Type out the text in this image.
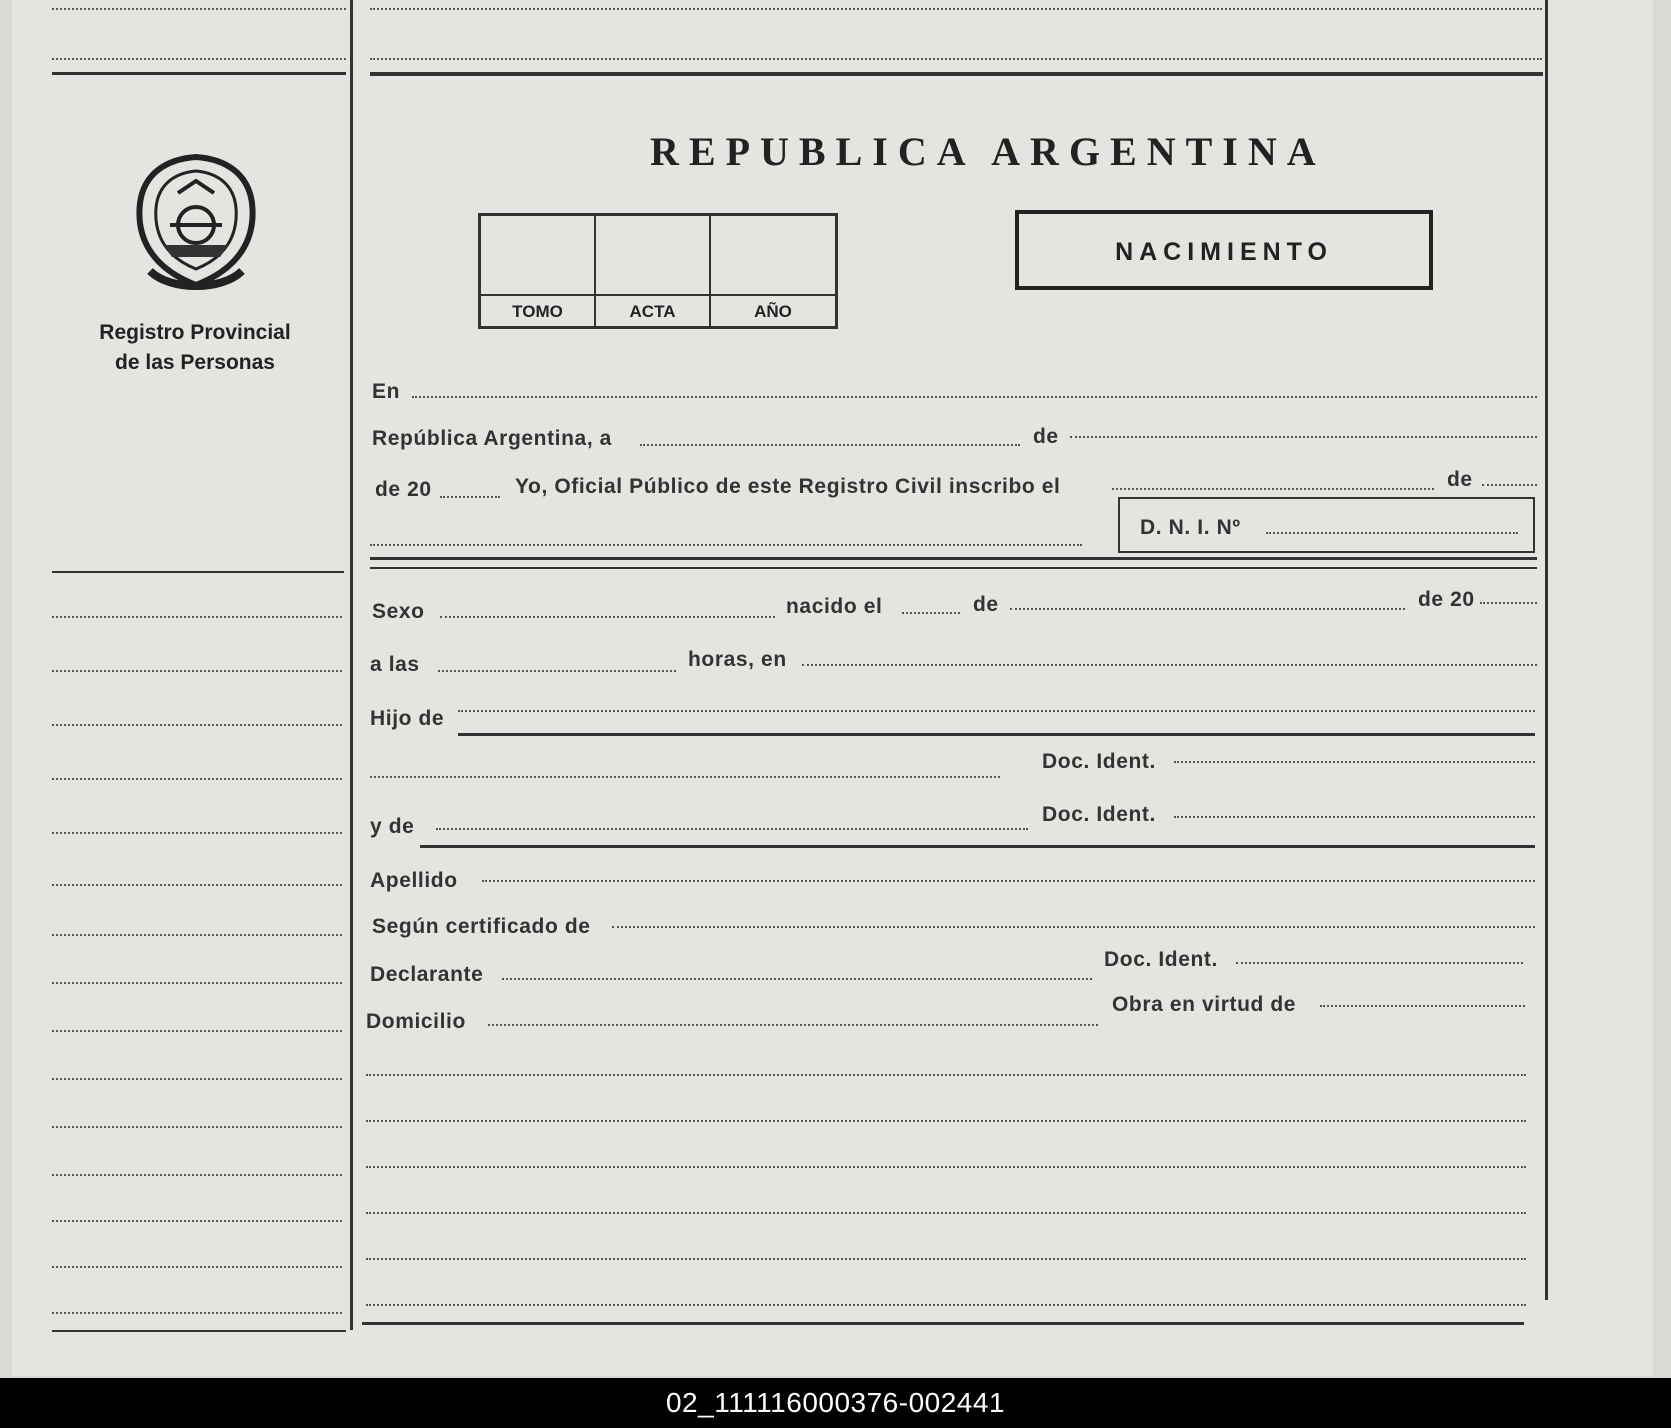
Registro Provincial
de las Personas
REPUBLICA ARGENTINA
TOMO	ACTA	AÑO
NACIMIENTO
En
República Argentina, a	de
de 20	Yo, Oficial Público de este Registro Civil inscribo el	de
D. N. I. Nº
Sexo	nacido el	de	de 20
a las	horas, en
Hijo de
Doc. Ident.
y de
Doc. Ident.
Apellido
Según certificado de
Declarante
Doc. Ident.
Domicilio
Obra en virtud de
02_111116000376-002441
